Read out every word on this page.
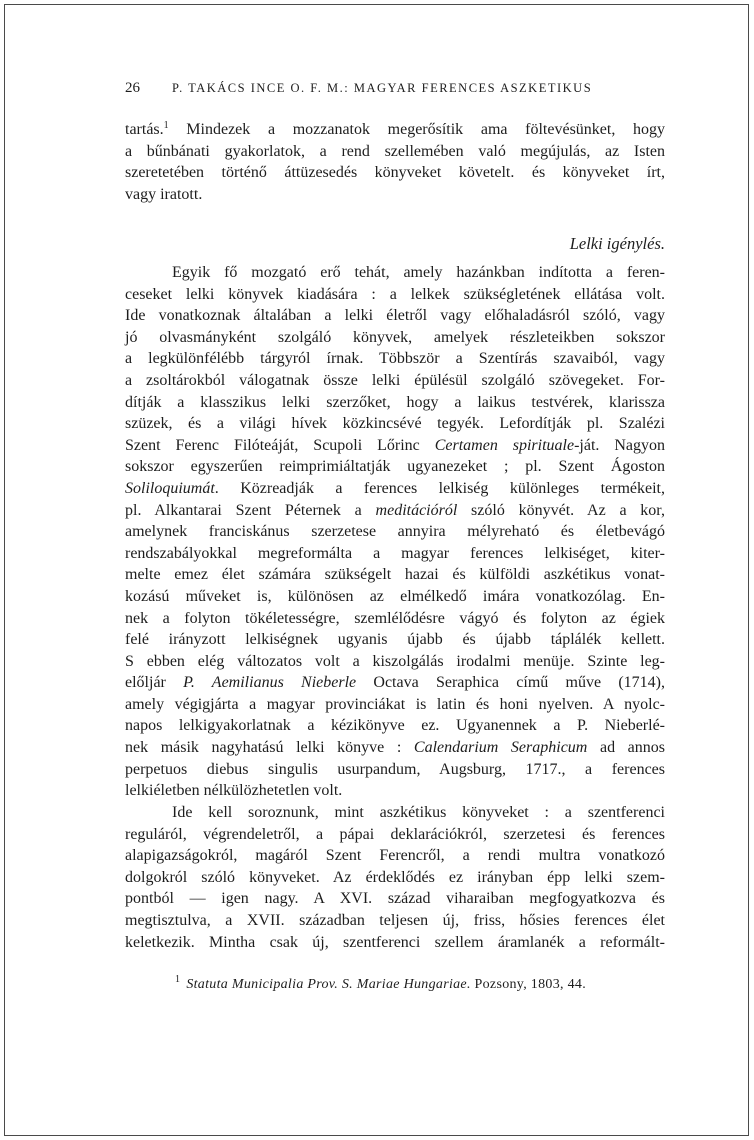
26	P. TAKÁCS INCE O. F. M.: MAGYAR FERENCES ASZKETIKUS
tartás.$^1$ Mindezek a mozzanatok megerősítik ama föltevésünket, hogy
a bűnbánati gyakorlatok, a rend szellemében való megújulás, az Isten
szeretetében történő áttüzesedés könyveket követelt. és könyveket írt,
vagy iratott.
Lelki igénylés.
Egyik fő mozgató erő tehát, amely hazánkban indította a feren-
ceseket lelki könyvek kiadására : a lelkek szükségletének ellátása volt.
Ide vonatkoznak általában a lelki életről vagy előhaladásról szóló, vagy
jó olvasmányként szolgáló könyvek, amelyek részleteikben sokszor
a legkülönfélébb tárgyról írnak. Többször a Szentírás szavaiból, vagy
a zsoltárokból válogatnak össze lelki épülésül szolgáló szövegeket. For-
dítják a klasszikus lelki szerzőket, hogy a laikus testvérek, klarissza
szüzek, és a világi hívek közkincsévé tegyék. Lefordítják pl. Szalézi
Szent Ferenc Filóteáját, Scupoli Lőrinc Certamen spirituale-ját. Nagyon
sokszor egyszerűen reimprimiáltatják ugyanezeket ; pl. Szent Ágoston
Soliloquiumát. Közreadják a ferences lelkiség különleges termékeit,
pl. Alkantarai Szent Péternek a meditációról szóló könyvét. Az a kor,
amelynek franciskánus szerzetese annyira mélyreható és életbevágó
rendszabályokkal megreformálta a magyar ferences lelkiséget, kiter-
melte emez élet számára szükségelt hazai és külföldi aszkétikus vonat-
kozású műveket is, különösen az elmélkedő imára vonatkozólag. En-
nek a folyton tökéletességre, szemlélődésre vágyó és folyton az égiek
felé irányzott lelkiségnek ugyanis újabb és újabb táplálék kellett.
S ebben elég változatos volt a kiszolgálás irodalmi menüje. Szinte leg-
előljár P. Aemilianus Nieberle Octava Seraphica című műve (1714),
amely végigjárta a magyar provinciákat is latin és honi nyelven. A nyolc-
napos lelkigyakorlatnak a kézikönyve ez. Ugyanennek a P. Nieberlé-
nek másik nagyhatású lelki könyve : Calendarium Seraphicum ad annos
perpetuos diebus singulis usurpandum, Augsburg, 1717., a ferences
lelkiéletben nélkülözhetetlen volt.
Ide kell soroznunk, mint aszkétikus könyveket : a szentferenci
reguláról, végrendeletről, a pápai deklarációkról, szerzetesi és ferences
alapigazságokról, magáról Szent Ferencről, a rendi multra vonatkozó
dolgokról szóló könyveket. Az érdeklődés ez irányban épp lelki szem-
pontból — igen nagy. A XVI. század viharaiban megfogyatkozva és
megtisztulva, a XVII. században teljesen új, friss, hősies ferences élet
keletkezik. Mintha csak új, szentferenci szellem áramlanék a reformált-
$^1$ Statuta Municipalia Prov. S. Mariae Hungariae. Pozsony, 1803, 44.
